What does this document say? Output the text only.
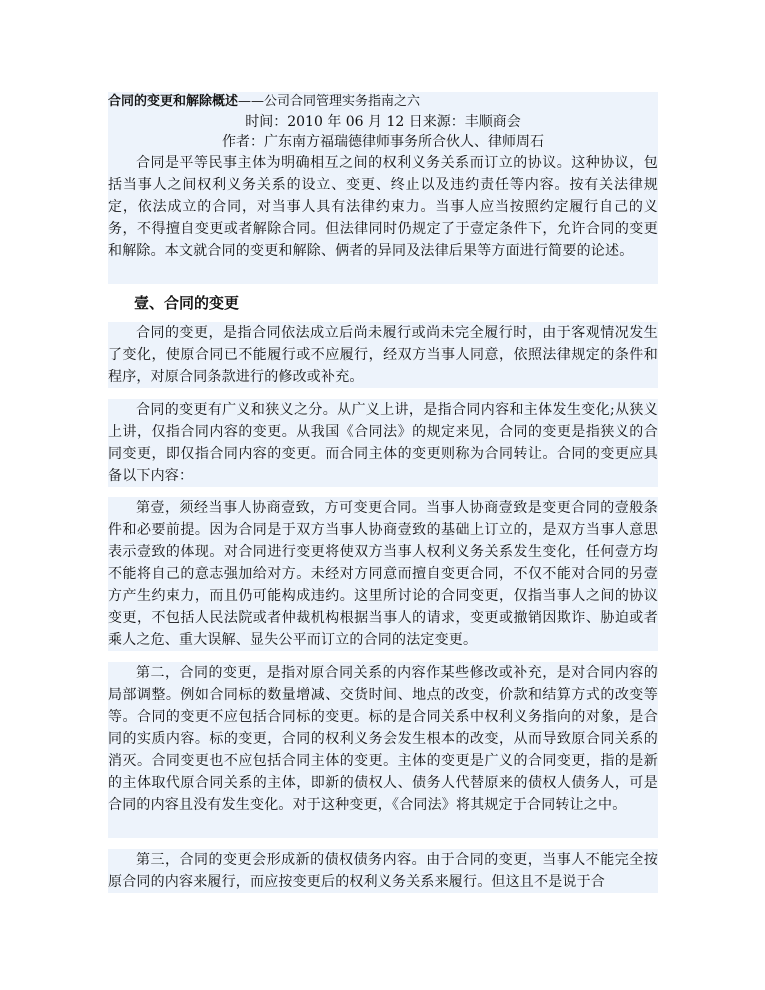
合同的变更和解除概述——公司合同管理实务指南之六
时间：2010 年 06 月 12 日来源：丰顺商会
作者：广东南方福瑞德律师事务所合伙人、律师周石

合同是平等民事主体为明确相互之间的权利义务关系而订立的协议。这种协议，包括当事人之间权利义务关系的设立、变更、终止以及违约责任等内容。按有关法律规定，依法成立的合同，对当事人具有法律约束力。当事人应当按照约定履行自己的义务，不得擅自变更或者解除合同。但法律同时仍规定了于壹定条件下，允许合同的变更和解除。本文就合同的变更和解除、俩者的异同及法律后果等方面进行简要的论述。

壹、合同的变更

合同的变更，是指合同依法成立后尚未履行或尚未完全履行时，由于客观情况发生了变化，使原合同已不能履行或不应履行，经双方当事人同意，依照法律规定的条件和程序，对原合同条款进行的修改或补充。

合同的变更有广义和狭义之分。从广义上讲，是指合同内容和主体发生变化;从狭义上讲，仅指合同内容的变更。从我国《合同法》的规定来见，合同的变更是指狭义的合同变更，即仅指合同内容的变更。而合同主体的变更则称为合同转让。合同的变更应具备以下内容：

第壹，须经当事人协商壹致，方可变更合同。当事人协商壹致是变更合同的壹般条件和必要前提。因为合同是于双方当事人协商壹致的基础上订立的，是双方当事人意思表示壹致的体现。对合同进行变更将使双方当事人权利义务关系发生变化，任何壹方均不能将自己的意志强加给对方。未经对方同意而擅自变更合同，不仅不能对合同的另壹方产生约束力，而且仍可能构成违约。这里所讨论的合同变更，仅指当事人之间的协议变更，不包括人民法院或者仲裁机构根据当事人的请求，变更或撤销因欺诈、胁迫或者乘人之危、重大误解、显失公平而订立的合同的法定变更。

第二，合同的变更，是指对原合同关系的内容作某些修改或补充，是对合同内容的局部调整。例如合同标的数量增减、交货时间、地点的改变，价款和结算方式的改变等等。合同的变更不应包括合同标的变更。标的是合同关系中权利义务指向的对象，是合同的实质内容。标的变更，合同的权利义务会发生根本的改变，从而导致原合同关系的消灭。合同变更也不应包括合同主体的变更。主体的变更是广义的合同变更，指的是新的主体取代原合同关系的主体，即新的债权人、债务人代替原来的债权人债务人，可是合同的内容且没有发生变化。对于这种变更，《合同法》将其规定于合同转让之中。

第三，合同的变更会形成新的债权债务内容。由于合同的变更，当事人不能完全按原合同的内容来履行，而应按变更后的权利义务关系来履行。但这且不是说于合
